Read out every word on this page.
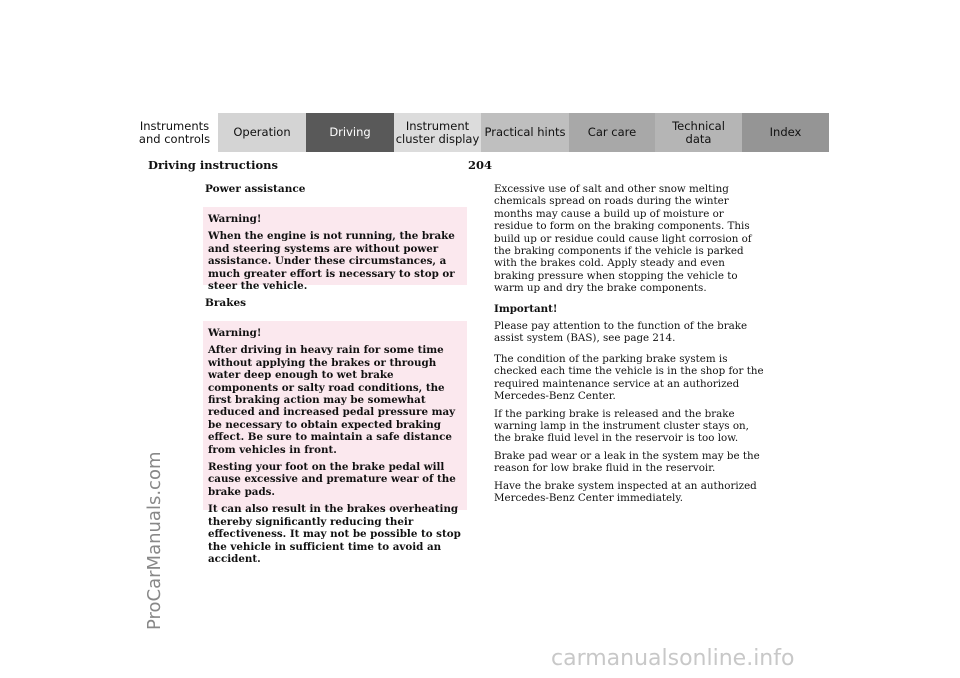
Instruments
and controls Operation	Driving	Instrument
cluster display Practical hints Car care	Technical
data	Index
Driving instructions	204
Power assistance
Warning!

When the engine is not running, the brake and steering systems are without power assistance. Under these circumstances, a much greater effort is necessary to stop or steer the vehicle.

Brakes
Warning!

After driving in heavy rain for some time without applying the brakes or through water deep enough to wet brake components or salty road conditions, the first braking action may be somewhat reduced and increased pedal pressure may be necessary to obtain expected braking effect. Be sure to maintain a safe distance from vehicles in front.

Resting your foot on the brake pedal will cause excessive and premature wear of the brake pads.

It can also result in the brakes overheating thereby significantly reducing their effectiveness. It may not be possible to stop the vehicle in sufficient time to avoid an accident.

Excessive use of salt and other snow melting chemicals spread on roads during the winter months may cause a build up of moisture or residue to form on the braking components. This build up or residue could cause light corrosion of the braking components if the vehicle is parked with the brakes cold. Apply steady and even braking pressure when stopping the vehicle to warm up and dry the brake components.

Important!

Please pay attention to the function of the brake assist system (BAS), see page 214.

The condition of the parking brake system is checked each time the vehicle is in the shop for the required maintenance service at an authorized Mercedes-Benz Center.

If the parking brake is released and the brake warning lamp in the instrument cluster stays on, the brake fluid level in the reservoir is too low.

Brake pad wear or a leak in the system may be the reason for low brake fluid in the reservoir.

Have the brake system inspected at an authorized Mercedes-Benz Center immediately.

ProCarManuals.com
carmanualsonline.info
